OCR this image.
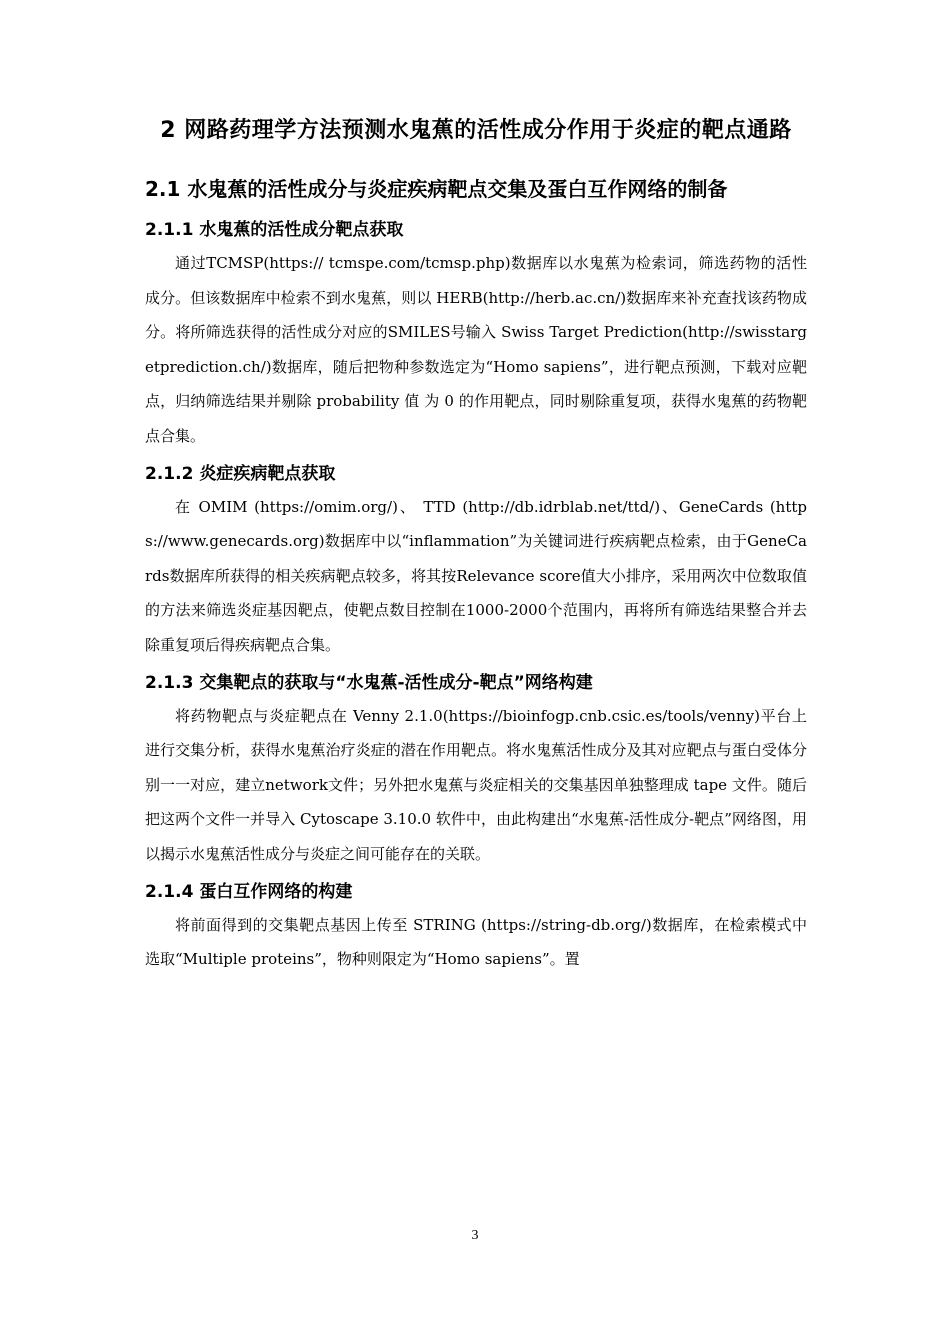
2 网路药理学方法预测水鬼蕉的活性成分作用于炎症的靶点通路
2.1 水鬼蕉的活性成分与炎症疾病靶点交集及蛋白互作网络的制备
2.1.1 水鬼蕉的活性成分靶点获取

通过TCMSP(https:// tcmspe.com/tcmsp.php)数据库以水鬼蕉为检索词，筛选药物的活性成分。但该数据库中检索不到水鬼蕉，则以 HERB(http://herb.ac.cn/)数据库来补充查找该药物成分。将所筛选获得的活性成分对应的SMILES号输入 Swiss Target Prediction(http://swisstargetprediction.ch/)数据库，随后把物种参数选定为“Homo sapiens”，进行靶点预测，下载对应靶点，归纳筛选结果并剔除 probability 值 为 0 的作用靶点，同时剔除重复项，获得水鬼蕉的药物靶点合集。

2.1.2 炎症疾病靶点获取

在 OMIM (https://omim.org/)、 TTD (http://db.idrblab.net/ttd/)、GeneCards (https://www.genecards.org)数据库中以“inflammation”为关键词进行疾病靶点检索，由于GeneCards数据库所获得的相关疾病靶点较多，将其按Relevance score值大小排序，采用两次中位数取值的方法来筛选炎症基因靶点，使靶点数目控制在1000-2000个范围内，再将所有筛选结果整合并去除重复项后得疾病靶点合集。

2.1.3 交集靶点的获取与“水鬼蕉-活性成分-靶点”网络构建

将药物靶点与炎症靶点在 Venny 2.1.0(https://bioinfogp.cnb.csic.es/tools/venny)平台上进行交集分析，获得水鬼蕉治疗炎症的潜在作用靶点。将水鬼蕉活性成分及其对应靶点与蛋白受体分别一一对应，建立network文件；另外把水鬼蕉与炎症相关的交集基因单独整理成 tape 文件。随后把这两个文件一并导入 Cytoscape 3.10.0 软件中，由此构建出“水鬼蕉-活性成分-靶点”网络图，用以揭示水鬼蕉活性成分与炎症之间可能存在的关联。

2.1.4 蛋白互作网络的构建

将前面得到的交集靶点基因上传至 STRING (https://string-db.org/)数据库，在检索模式中选取“Multiple proteins”，物种则限定为“Homo sapiens”。置

3
